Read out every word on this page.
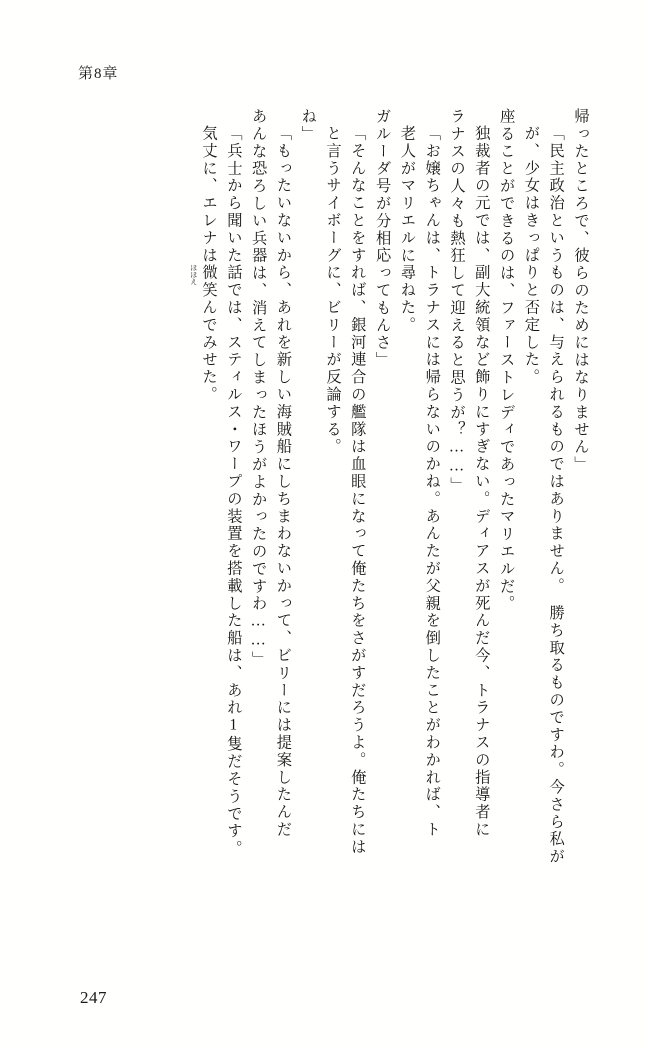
第8章
気丈に、エレナは微笑
ほほえ
んでみせた。 「兵士から聞いた話では、スティルス・ワープの装置を搭載した船は、あれ1隻だそうです。 あんな恐ろしい兵器は、消えてしまったほうがよかったのですわ……」 「もったいないから、あれを新しい海賊船にしちまわないかって、ビリーには提案したんだ ね」 と言うサイボーグに、ビリーが反論する。 「そんなことをすれば、銀河連合の艦隊は血眼になって俺たちをさがすだろうよ。俺たちには ガルーダ号が分相応ってもんさ」 老人がマリエルに尋ねた。 「お嬢ちゃんは、トラナスには帰らないのかね。あんたが父親を倒したことがわかれば、ト ラナスの人々も熱狂して迎えると思うが？……」 独裁者の元では、副大統領など飾りにすぎない。ディアスが死んだ今、トラナスの指導者に 座ることができるのは、ファーストレディであったマリエルだ。 が、少女はきっぱりと否定した。 「民主政治というものは、与えられるものではありません。　勝ち取るものですわ。今さら私が 帰ったところで、彼らのためにはなりません」
247
